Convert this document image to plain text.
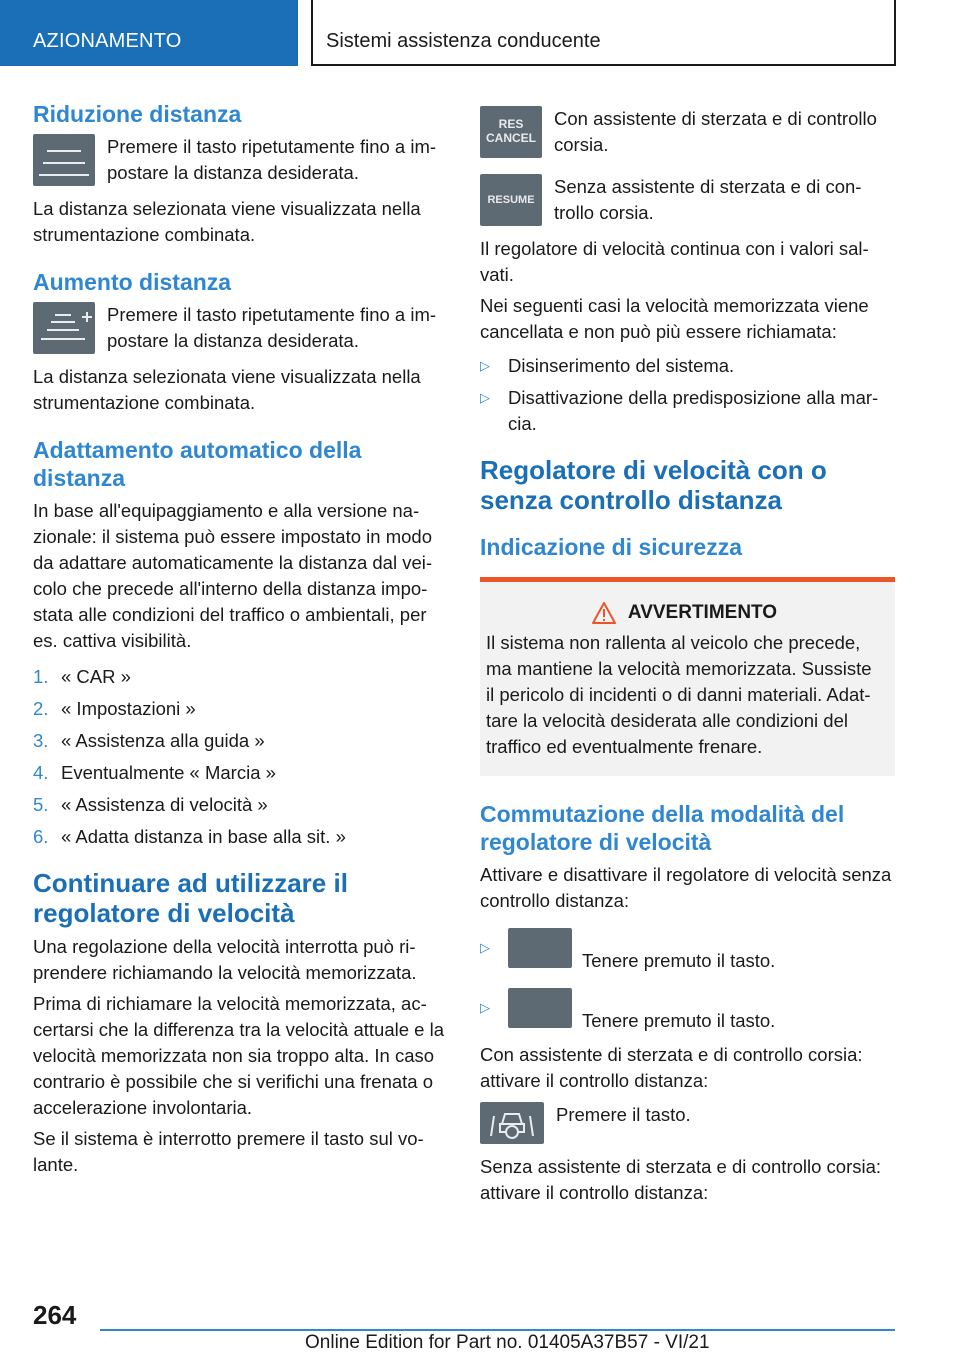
AZIONAMENTO	Sistemi assistenza conducente
Riduzione distanza
Premere il tasto ripetutamente fino a im-postare la distanza desiderata.

La distanza selezionata viene visualizzata nella strumentazione combinata.

Aumento distanza
Premere il tasto ripetutamente fino a im-postare la distanza desiderata.

La distanza selezionata viene visualizzata nella strumentazione combinata.

Adattamento automatico della distanza

In base all'equipaggiamento e alla versione na-zionale: il sistema può essere impostato in modo da adattare automaticamente la distanza dal vei-colo che precede all'interno della distanza impo-stata alle condizioni del traffico o ambientali, per es. cattiva visibilità.

1. « CAR »
2. « Impostazioni »
3. « Assistenza alla guida »
4. Eventualmente « Marcia »
5. « Assistenza di velocità »
6. « Adatta distanza in base alla sit. »
Continuare ad utilizzare il regolatore di velocità

Una regolazione della velocità interrotta può ri-prendere richiamando la velocità memorizzata.

Prima di richiamare la velocità memorizzata, ac-certarsi che la differenza tra la velocità attuale e la velocità memorizzata non sia troppo alta. In caso contrario è possibile che si verifichi una frenata o accelerazione involontaria.

Se il sistema è interrotto premere il tasto sul vo-lante.

RES
CANCEL
Con assistente di sterzata e di controllo corsia.
RESUME
Senza assistente di sterzata e di con-trollo corsia.

Il regolatore di velocità continua con i valori sal-vati.

Nei seguenti casi la velocità memorizzata viene cancellata e non può più essere richiamata:

▷ Disinserimento del sistema.
▷ Disattivazione della predisposizione alla mar-cia.
Regolatore di velocità con o senza controllo distanza
Indicazione di sicurezza
AVVERTIMENTO

Il sistema non rallenta al veicolo che precede, ma mantiene la velocità memorizzata. Sussiste il pericolo di incidenti o di danni materiali. Adat-tare la velocità desiderata alle condizioni del traffico ed eventualmente frenare.

Commutazione della modalità del regolatore di velocità

Attivare e disattivare il regolatore di velocità senza controllo distanza:

▷
Tenere premuto il tasto.
▷
Tenere premuto il tasto.

Con assistente di sterzata e di controllo corsia: attivare il controllo distanza:

Premere il tasto.

Senza assistente di sterzata e di controllo corsia: attivare il controllo distanza:

264
Online Edition for Part no. 01405A37B57 - VI/21
